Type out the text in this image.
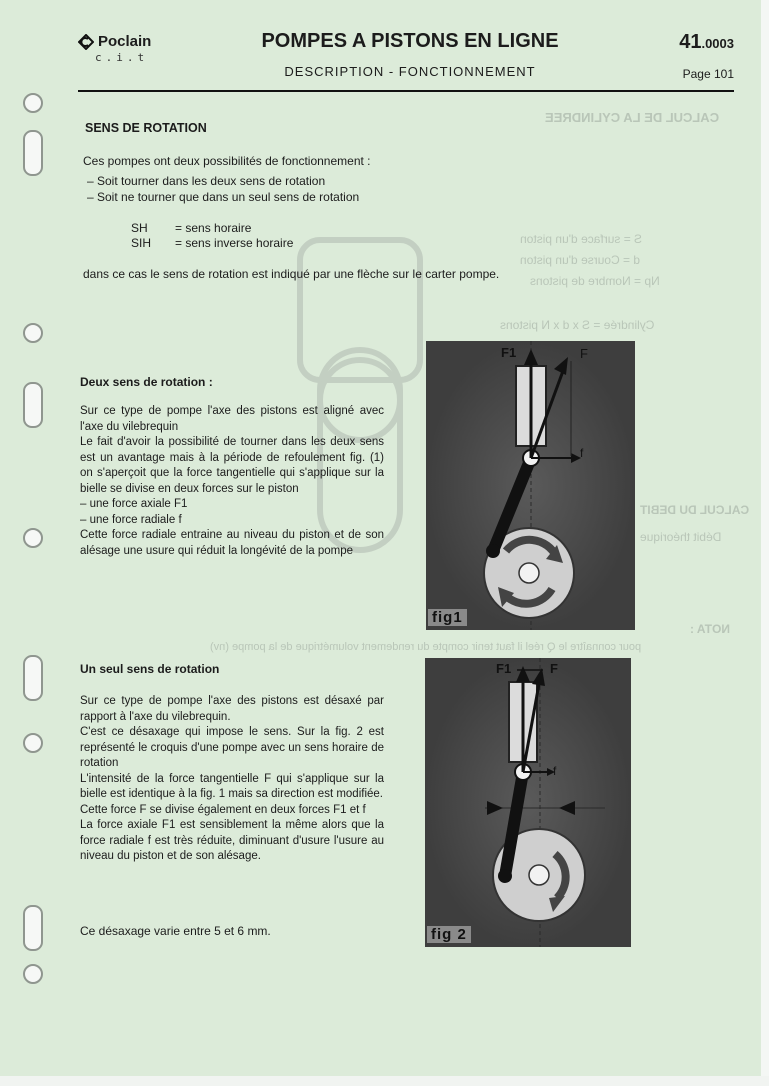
CALCUL DE LA CYLINDREE
S = surface d'un piston
d = Course d'un piston
Np = Nombre de pistons
Cylindrée = S x d x N pistons
CALCUL DU DEBIT
Débit théorique
NOTA :
pour connaître le Q réel il faut tenir compte du rendement volumétrique de la pompe (nv)
Poclain
c.i.t
POMPES A PISTONS EN LIGNE
DESCRIPTION - FONCTIONNEMENT
41.0003
Page 101
SENS DE ROTATION
Ces pompes ont deux possibilités de fonctionnement :
– Soit tourner dans les deux sens de rotation
– Soit ne tourner que dans un seul sens de rotation
SH = sens horaire
SIH = sens inverse horaire
dans ce cas le sens de rotation est indiqué par une flèche sur le carter pompe.
Deux sens de rotation :
Sur ce type de pompe l'axe des pistons est aligné avec l'axe du vilebrequin
Le fait d'avoir la possibilité de tourner dans les deux sens est un avantage mais à la période de refoulement fig. (1) on s'aperçoit que la force tangentielle qui s'applique sur la bielle se divise en deux forces sur le piston
– une force axiale F1
– une force radiale f
Cette force radiale entraine au niveau du piston et de son alésage une usure qui réduit la longévité de la pompe
F1	F
f
fig1
Un seul sens de rotation
Sur ce type de pompe l'axe des pistons est désaxé par rapport à l'axe du vilebrequin.
C'est ce désaxage qui impose le sens. Sur la fig. 2 est représenté le croquis d'une pompe avec un sens horaire de rotation
L'intensité de la force tangentielle F qui s'applique sur la bielle est identique à la fig. 1 mais sa direction est modifiée.
Cette force F se divise également en deux forces F1 et f
La force axiale F1 est sensiblement la même alors que la force radiale f est très réduite, diminuant d'usure l'usure au niveau du piston et de son alésage.
Ce désaxage varie entre 5 et 6 mm.
F1	F
f
fig 2
